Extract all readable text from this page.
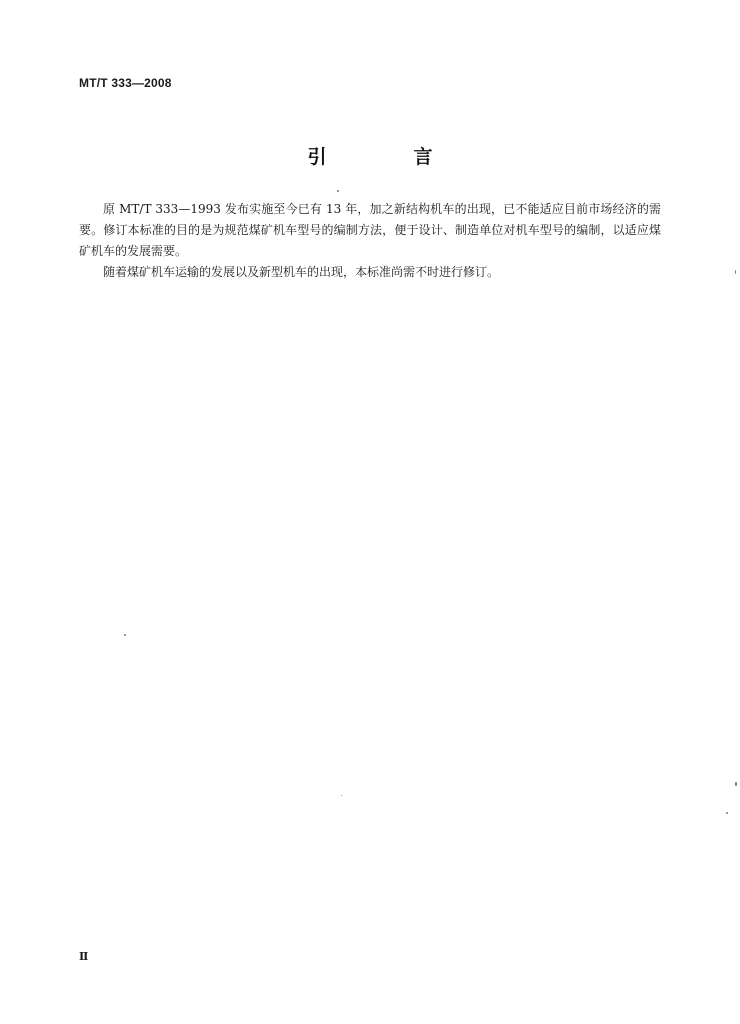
MT/T 333—2008
引　言

原 MT/T 333—1993 发布实施至今已有 13 年，加之新结构机车的出现，已不能适应目前市场经济的需要。修订本标准的目的是为规范煤矿机车型号的编制方法，便于设计、制造单位对机车型号的编制，以适应煤矿机车的发展需要。

随着煤矿机车运输的发展以及新型机车的出现，本标准尚需不时进行修订。

Ⅱ
